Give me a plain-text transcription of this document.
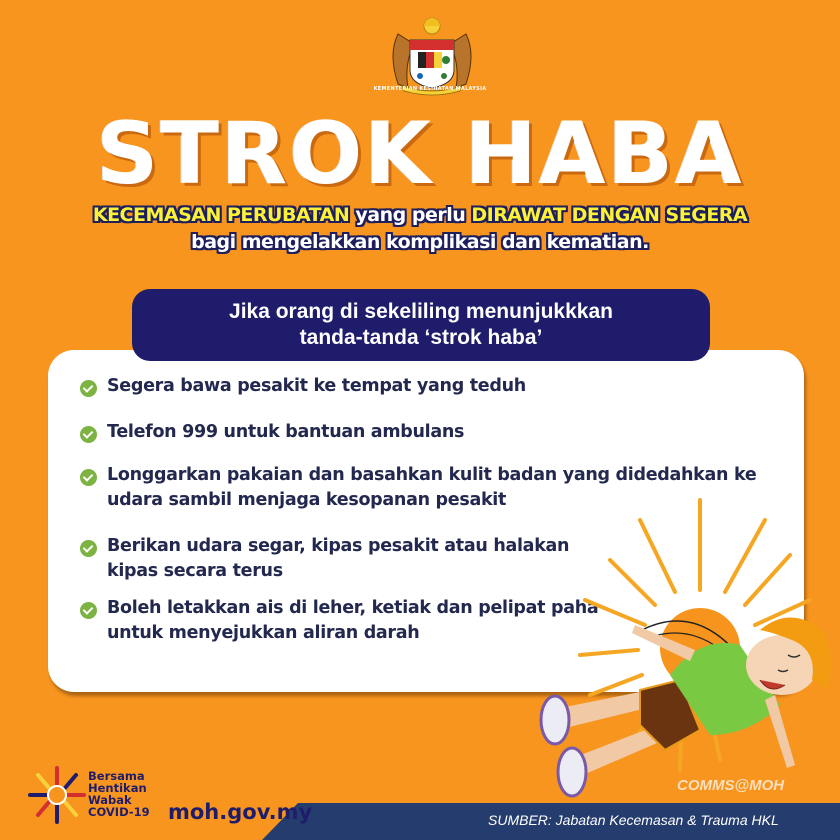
KEMENTERIAN KESIHATAN MALAYSIA
STROK HABA
KECEMASAN PERUBATAN yang perlu DIRAWAT DENGAN SEGERA
bagi mengelakkan komplikasi dan kematian.
Jika orang di sekeliling menunjukkkan
tanda-tanda ‘strok haba’
Segera bawa pesakit ke tempat yang teduh
Telefon 999 untuk bantuan ambulans
Longgarkan pakaian dan basahkan kulit badan yang didedahkan ke
udara sambil menjaga kesopanan pesakit
Berikan udara segar, kipas pesakit atau halakan
kipas secara terus
Boleh letakkan ais di leher, ketiak dan pelipat paha
untuk menyejukkan aliran darah
COMMS@MOH
SUMBER: Jabatan Kecemasan & Trauma HKL
Bersama
Hentikan
Wabak
COVID-19 moh.gov.my
